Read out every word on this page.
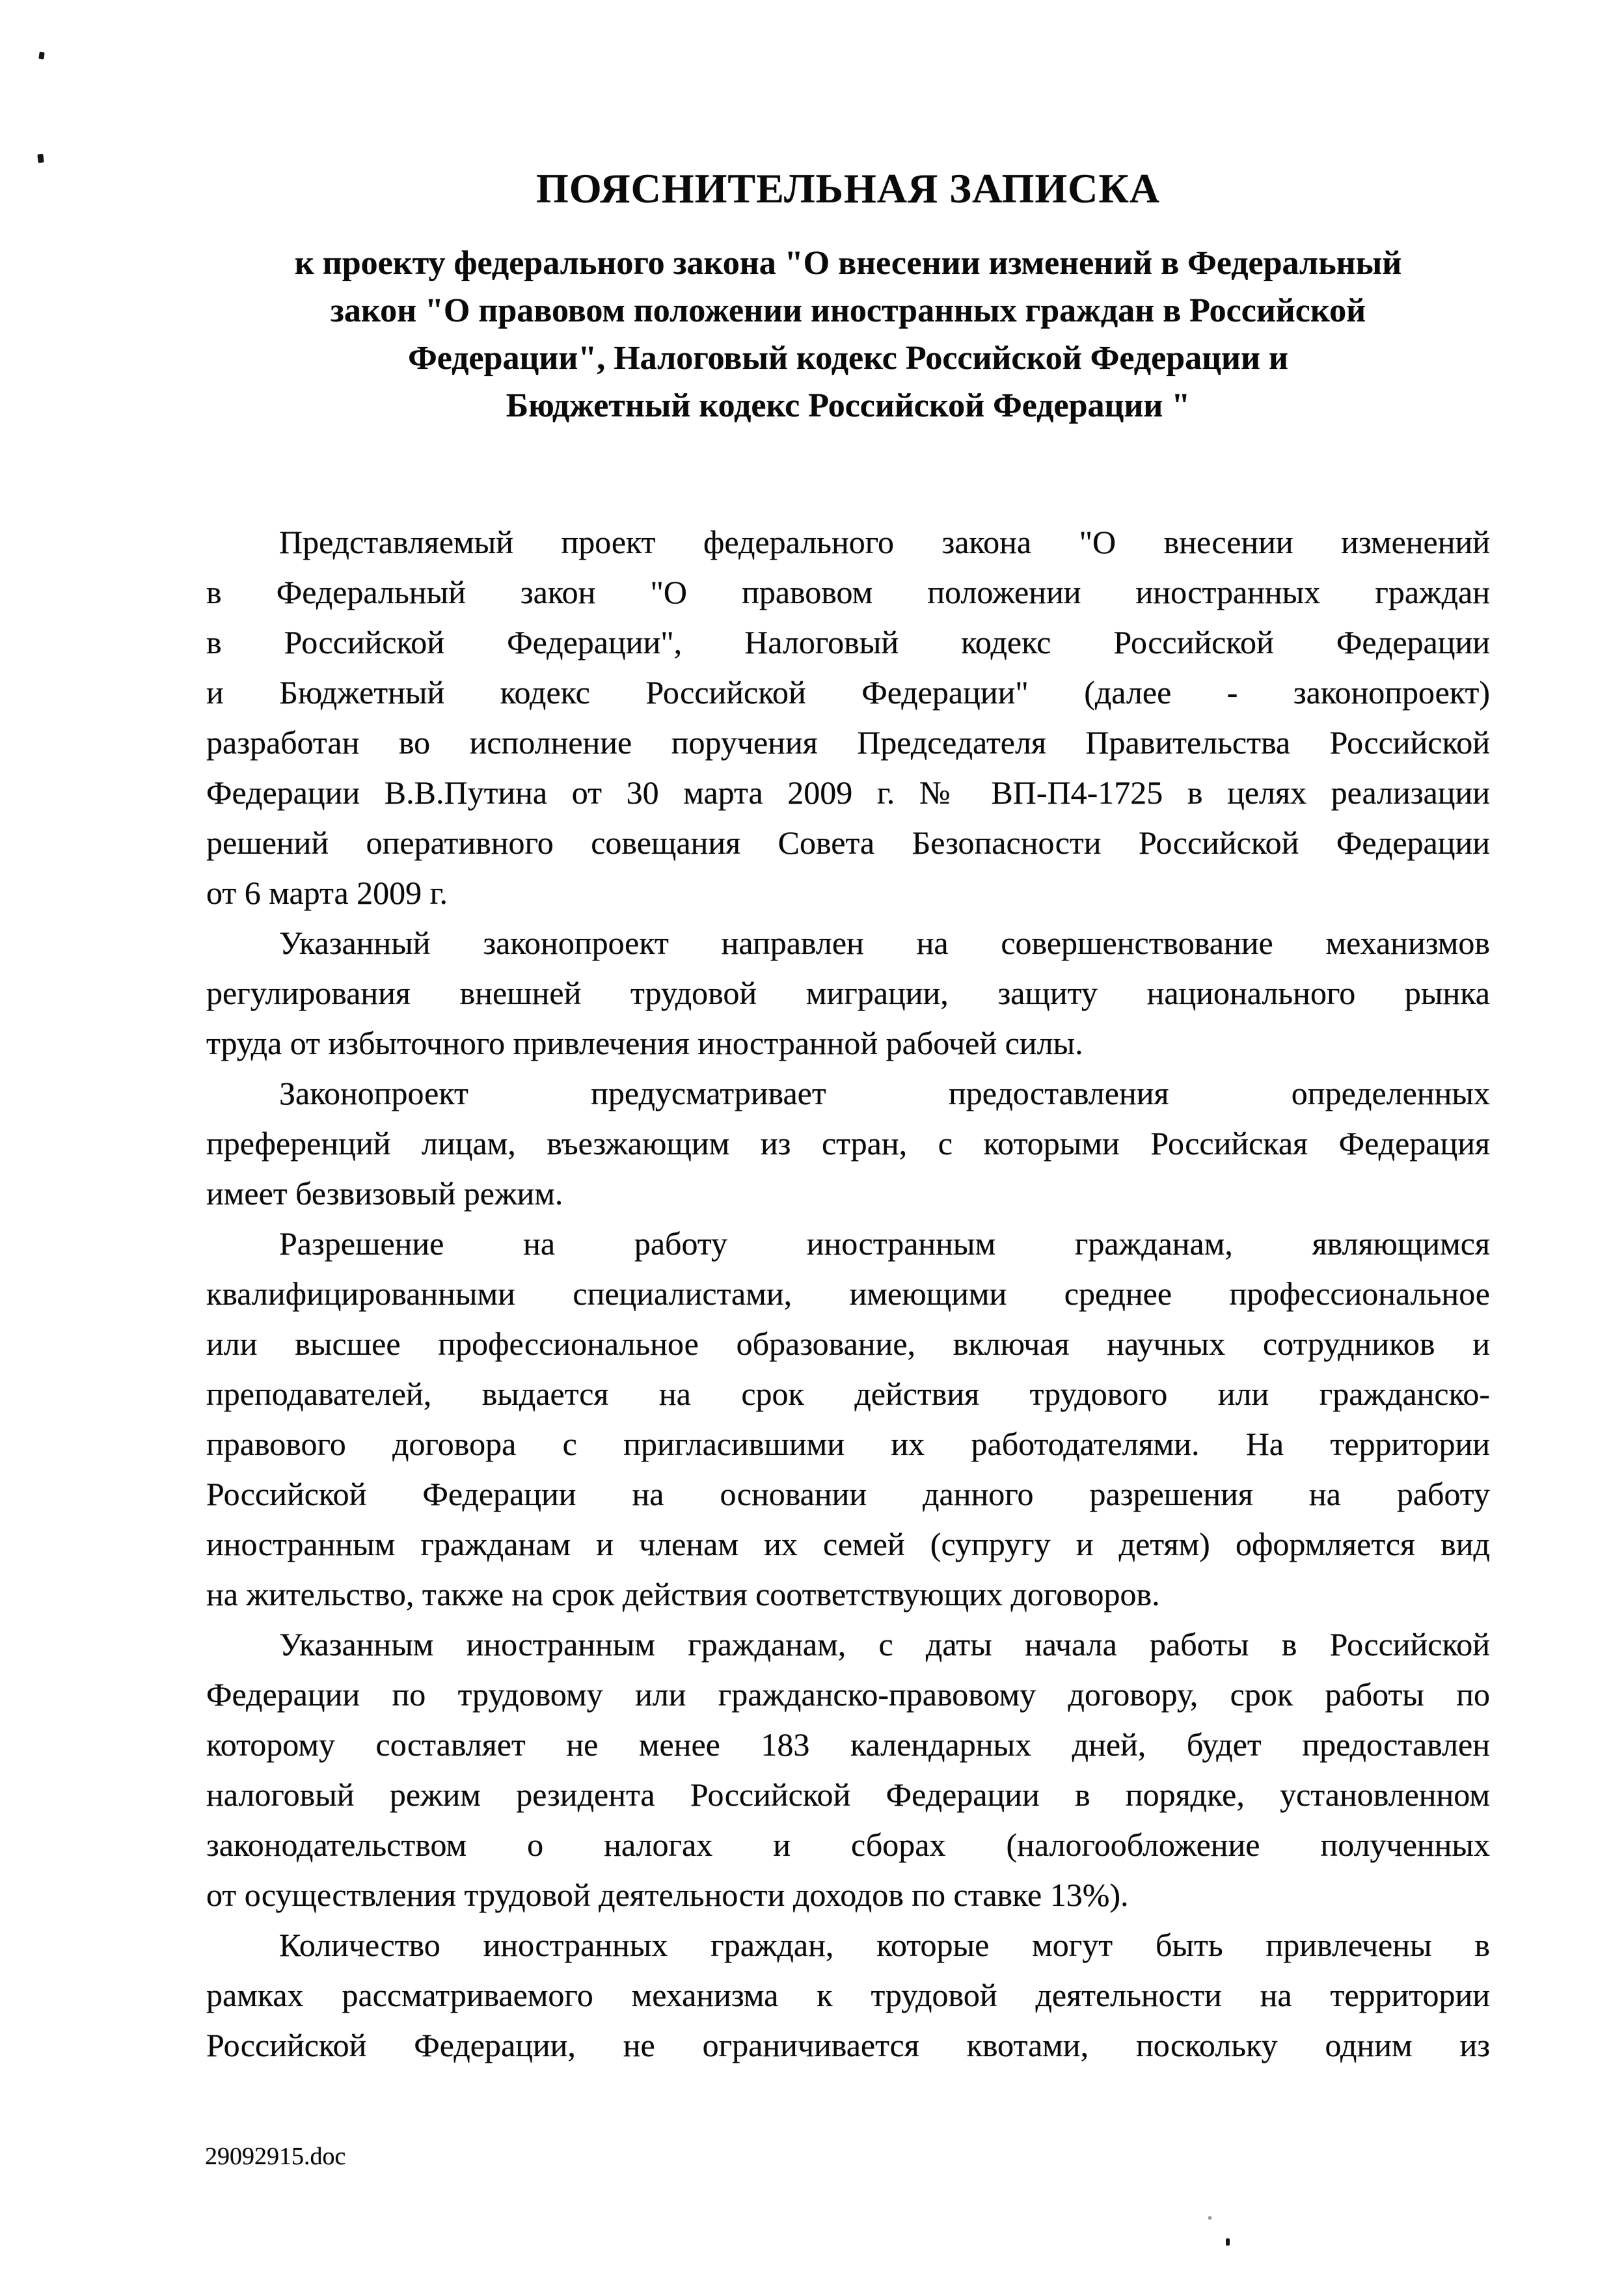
ПОЯСНИТЕЛЬНАЯ ЗАПИСКА
к проекту федерального закона "О внесении изменений в Федеральный
закон "О правовом положении иностранных граждан в Российской
Федерации", Налоговый кодекс Российской Федерации и
Бюджетный кодекс Российской Федерации "
Представляемый проект федерального закона "О внесении изменений
в Федеральный закон "О правовом положении иностранных граждан
в Российской Федерации", Налоговый кодекс Российской Федерации
и Бюджетный кодекс Российской Федерации" (далее - законопроект)
разработан во исполнение поручения Председателя Правительства Российской
Федерации В.В.Путина от 30 марта 2009 г. № ВП-П4-1725 в целях реализации
решений оперативного совещания Совета Безопасности Российской Федерации
от 6 марта 2009 г.
Указанный законопроект направлен на совершенствование механизмов
регулирования внешней трудовой миграции, защиту национального рынка
труда от избыточного привлечения иностранной рабочей силы.
Законопроект предусматривает предоставления определенных
преференций лицам, въезжающим из стран, с которыми Российская Федерация
имеет безвизовый режим.
Разрешение на работу иностранным гражданам, являющимся
квалифицированными специалистами, имеющими среднее профессиональное
или высшее профессиональное образование, включая научных сотрудников и
преподавателей, выдается на срок действия трудового или гражданско-
правового договора с пригласившими их работодателями. На территории
Российской Федерации на основании данного разрешения на работу
иностранным гражданам и членам их семей (супругу и детям) оформляется вид
на жительство, также на срок действия соответствующих договоров.
Указанным иностранным гражданам, с даты начала работы в Российской
Федерации по трудовому или гражданско-правовому договору, срок работы по
которому составляет не менее 183 календарных дней, будет предоставлен
налоговый режим резидента Российской Федерации в порядке, установленном
законодательством о налогах и сборах (налогообложение полученных
от осуществления трудовой деятельности доходов по ставке 13%).
Количество иностранных граждан, которые могут быть привлечены в
рамках рассматриваемого механизма к трудовой деятельности на территории
Российской Федерации, не ограничивается квотами, поскольку одним из
29092915.doc
